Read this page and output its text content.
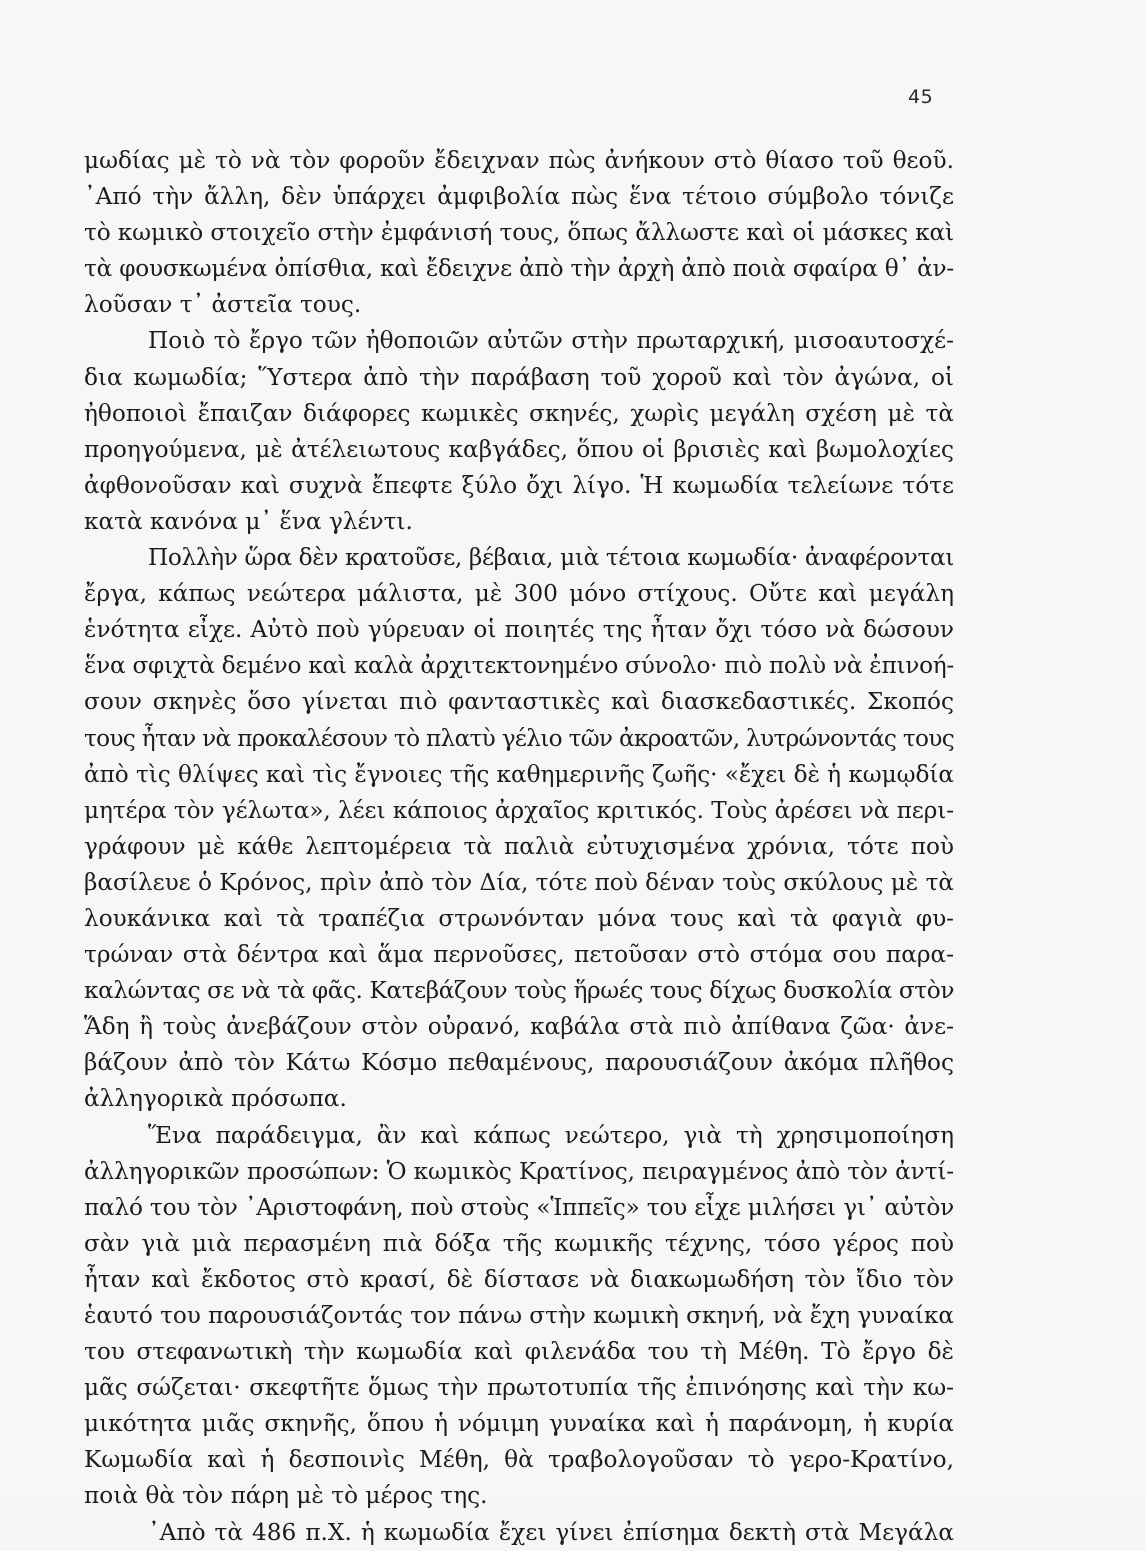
45
μωδίας μὲ τὸ νὰ τὸν φοροῦν ἔδειχναν πὼς ἀνήκουν στὸ θίασο τοῦ θεοῦ.
᾿Από τὴν ἄλλη, δὲν ὑπάρχει ἀμφιβολία πὼς ἕνα τέτοιο σύμβολο τόνιζε
τὸ κωμικὸ στοιχεῖο στὴν ἐμφάνισή τους, ὅπως ἄλλωστε καὶ οἱ μάσκες καὶ
τὰ φουσκωμένα ὀπίσθια, καὶ ἔδειχνε ἀπὸ τὴν ἀρχὴ ἀπὸ ποιὰ σφαίρα θ᾿ ἀν-
λοῦσαν τ᾿ ἀστεῖα τους.
Ποιὸ τὸ ἔργο τῶν ἠθοποιῶν αὐτῶν στὴν πρωταρχική, μισοαυτοσχέ-
δια κωμωδία; Ὕστερα ἀπὸ τὴν παράβαση τοῦ χοροῦ καὶ τὸν ἀγώνα, οἱ
ἠθοποιοὶ ἔπαιζαν διάφορες κωμικὲς σκηνές, χωρὶς μεγάλη σχέση μὲ τὰ
προηγούμενα, μὲ ἀτέλειωτους καβγάδες, ὅπου οἱ βρισιὲς καὶ βωμολοχίες
ἀφθονοῦσαν καὶ συχνὰ ἔπεφτε ξύλο ὄχι λίγο. Ἡ κωμωδία τελείωνε τότε
κατὰ κανόνα μ᾿ ἕνα γλέντι.
Πολλὴν ὥρα δὲν κρατοῦσε, βέβαια, μιὰ τέτοια κωμωδία· ἀναφέρονται
ἔργα, κάπως νεώτερα μάλιστα, μὲ 300 μόνο στίχους. Οὔτε καὶ μεγάλη
ἑνότητα εἶχε. Αὐτὸ ποὺ γύρευαν οἱ ποιητές της ἦταν ὄχι τόσο νὰ δώσουν
ἕνα σφιχτὰ δεμένο καὶ καλὰ ἀρχιτεκτονημένο σύνολο· πιὸ πολὺ νὰ ἐπινοή-
σουν σκηνὲς ὅσο γίνεται πιὸ φανταστικὲς καὶ διασκεδαστικές. Σκοπός
τους ἦταν νὰ προκαλέσουν τὸ πλατὺ γέλιο τῶν ἀκροατῶν, λυτρώνοντάς τους
ἀπὸ τὶς θλίψες καὶ τὶς ἔγνοιες τῆς καθημερινῆς ζωῆς· «ἔχει δὲ ἡ κωμῳδία
μητέρα τὸν γέλωτα», λέει κάποιος ἀρχαῖος κριτικός. Τοὺς ἀρέσει νὰ περι-
γράφουν μὲ κάθε λεπτομέρεια τὰ παλιὰ εὐτυχισμένα χρόνια, τότε ποὺ
βασίλευε ὁ Κρόνος, πρὶν ἀπὸ τὸν Δία, τότε ποὺ δέναν τοὺς σκύλους μὲ τὰ
λουκάνικα καὶ τὰ τραπέζια στρωνόνταν μόνα τους καὶ τὰ φαγιὰ φυ-
τρώναν στὰ δέντρα καὶ ἅμα περνοῦσες, πετοῦσαν στὸ στόμα σου παρα-
καλώντας σε νὰ τὰ φᾶς. Κατεβάζουν τοὺς ἥρωές τους δίχως δυσκολία στὸν
Ἅδη ἢ τοὺς ἀνεβάζουν στὸν οὐρανό, καβάλα στὰ πιὸ ἀπίθανα ζῶα· ἀνε-
βάζουν ἀπὸ τὸν Κάτω Κόσμο πεθαμένους, παρουσιάζουν ἀκόμα πλῆθος
ἀλληγορικὰ πρόσωπα.
Ἕνα παράδειγμα, ἂν καὶ κάπως νεώτερο, γιὰ τὴ χρησιμοποίηση
ἀλληγορικῶν προσώπων: Ὁ κωμικὸς Κρατίνος, πειραγμένος ἀπὸ τὸν ἀντί-
παλό του τὸν ᾿Αριστοφάνη, ποὺ στοὺς «Ἱππεῖς» του εἶχε μιλήσει γι᾿ αὐτὸν
σὰν γιὰ μιὰ περασμένη πιὰ δόξα τῆς κωμικῆς τέχνης, τόσο γέρος ποὺ
ἦταν καὶ ἔκδοτος στὸ κρασί, δὲ δίστασε νὰ διακωμωδήση τὸν ἴδιο τὸν
ἑαυτό του παρουσιάζοντάς τον πάνω στὴν κωμικὴ σκηνή, νὰ ἔχη γυναίκα
του στεφανωτικὴ τὴν κωμωδία καὶ φιλενάδα του τὴ Μέθη. Τὸ ἔργο δὲ
μᾶς σώζεται· σκεφτῆτε ὅμως τὴν πρωτοτυπία τῆς ἐπινόησης καὶ τὴν κω-
μικότητα μιᾶς σκηνῆς, ὅπου ἡ νόμιμη γυναίκα καὶ ἡ παράνομη, ἡ κυρία
Κωμωδία καὶ ἡ δεσποινὶς Μέθη, θὰ τραβολογοῦσαν τὸ γερο-Κρατίνο,
ποιὰ θὰ τὸν πάρη μὲ τὸ μέρος της.
᾿Απὸ τὰ 486 π.Χ. ἡ κωμωδία ἔχει γίνει ἐπίσημα δεκτὴ στὰ Μεγάλα
